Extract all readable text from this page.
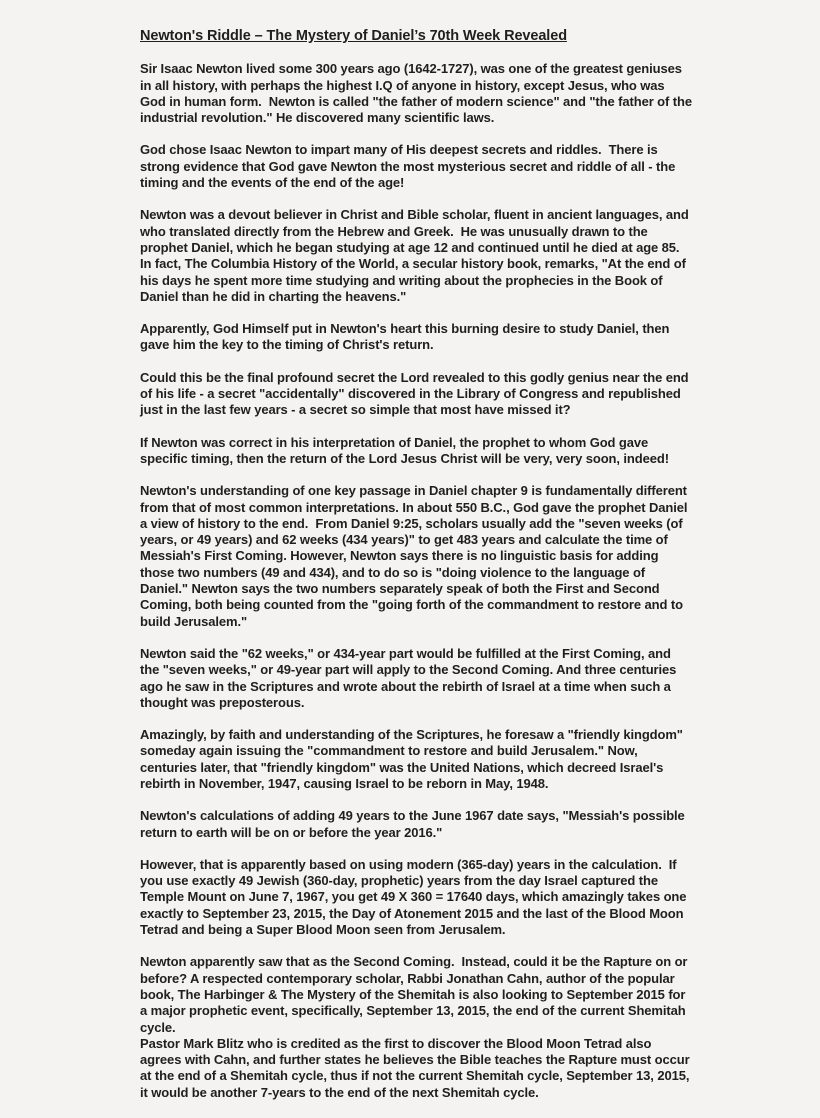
Newton's Riddle – The Mystery of Daniel’s 70th Week Revealed

Sir Isaac Newton lived some 300 years ago (1642-1727), was one of the greatest geniuses in all history, with perhaps the highest I.Q of anyone in history, except Jesus, who was God in human form.  Newton is called "the father of modern science" and "the father of the industrial revolution." He discovered many scientific laws.

God chose Isaac Newton to impart many of His deepest secrets and riddles.  There is strong evidence that God gave Newton the most mysterious secret and riddle of all - the timing and the events of the end of the age!

Newton was a devout believer in Christ and Bible scholar, fluent in ancient languages, and who translated directly from the Hebrew and Greek.  He was unusually drawn to the prophet Daniel, which he began studying at age 12 and continued until he died at age 85. In fact, The Columbia History of the World, a secular history book, remarks, "At the end of his days he spent more time studying and writing about the prophecies in the Book of Daniel than he did in charting the heavens."

Apparently, God Himself put in Newton's heart this burning desire to study Daniel, then gave him the key to the timing of Christ's return.

Could this be the final profound secret the Lord revealed to this godly genius near the end of his life - a secret "accidentally" discovered in the Library of Congress and republished just in the last few years - a secret so simple that most have missed it?

If Newton was correct in his interpretation of Daniel, the prophet to whom God gave specific timing, then the return of the Lord Jesus Christ will be very, very soon, indeed!

Newton's understanding of one key passage in Daniel chapter 9 is fundamentally different from that of most common interpretations. In about 550 B.C., God gave the prophet Daniel a view of history to the end.  From Daniel 9:25, scholars usually add the "seven weeks (of years, or 49 years) and 62 weeks (434 years)" to get 483 years and calculate the time of Messiah's First Coming. However, Newton says there is no linguistic basis for adding those two numbers (49 and 434), and to do so is "doing violence to the language of Daniel." Newton says the two numbers separately speak of both the First and Second Coming, both being counted from the "going forth of the commandment to restore and to build Jerusalem."

Newton said the "62 weeks," or 434-year part would be fulfilled at the First Coming, and the "seven weeks," or 49-year part will apply to the Second Coming. And three centuries ago he saw in the Scriptures and wrote about the rebirth of Israel at a time when such a thought was preposterous.

Amazingly, by faith and understanding of the Scriptures, he foresaw a "friendly kingdom" someday again issuing the "commandment to restore and build Jerusalem." Now, centuries later, that "friendly kingdom" was the United Nations, which decreed Israel's rebirth in November, 1947, causing Israel to be reborn in May, 1948.

Newton's calculations of adding 49 years to the June 1967 date says, "Messiah's possible return to earth will be on or before the year 2016."

However, that is apparently based on using modern (365-day) years in the calculation.  If you use exactly 49 Jewish (360-day, prophetic) years from the day Israel captured the Temple Mount on June 7, 1967, you get 49 X 360 = 17640 days, which amazingly takes one exactly to September 23, 2015, the Day of Atonement 2015 and the last of the Blood Moon Tetrad and being a Super Blood Moon seen from Jerusalem.

Newton apparently saw that as the Second Coming.  Instead, could it be the Rapture on or before? A respected contemporary scholar, Rabbi Jonathan Cahn, author of the popular book, The Harbinger & The Mystery of the Shemitah is also looking to September 2015 for a major prophetic event, specifically, September 13, 2015, the end of the current Shemitah cycle.

Pastor Mark Blitz who is credited as the first to discover the Blood Moon Tetrad also agrees with Cahn, and further states he believes the Bible teaches the Rapture must occur at the end of a Shemitah cycle, thus if not the current Shemitah cycle, September 13, 2015, it would be another 7-years to the end of the next Shemitah cycle.
